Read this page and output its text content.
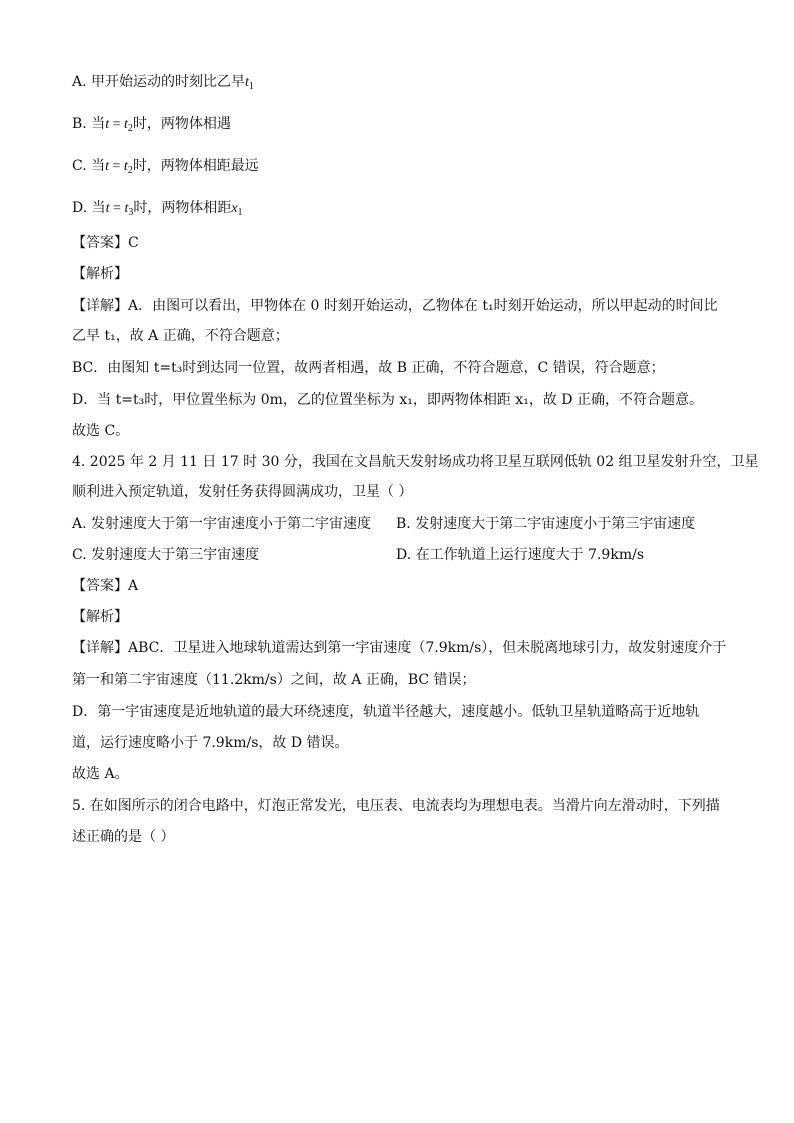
A. 甲开始运动的时刻比乙早$t_1$
B. 当$t = t_2$时，两物体相遇
C. 当$t = t_2$时，两物体相距最远
D. 当$t = t_3$时，两物体相距$x_1$
【答案】C
【解析】
【详解】A．由图可以看出，甲物体在 0 时刻开始运动，乙物体在 t₁时刻开始运动，所以甲起动的时间比
乙早 t₁，故 A 正确，不符合题意；
BC．由图知 t=t₃时到达同一位置，故两者相遇，故 B 正确，不符合题意，C 错误，符合题意；
D．当 t=t₃时，甲位置坐标为 0m，乙的位置坐标为 x₁，即两物体相距 x₁，故 D 正确，不符合题意。
故选 C。
4. 2025 年 2 月 11 日 17 时 30 分，我国在文昌航天发射场成功将卫星互联网低轨 02 组卫星发射升空，卫星
顺利进入预定轨道，发射任务获得圆满成功，卫星（ ）
A. 发射速度大于第一宇宙速度小于第二宇宙速度 B. 发射速度大于第二宇宙速度小于第三宇宙速度
C. 发射速度大于第三宇宙速度	D. 在工作轨道上运行速度大于 7.9km/s
【答案】A
【解析】
【详解】ABC．卫星进入地球轨道需达到第一宇宙速度（7.9km/s），但未脱离地球引力，故发射速度介于
第一和第二宇宙速度（11.2km/s）之间，故 A 正确，BC 错误；
D．第一宇宙速度是近地轨道的最大环绕速度，轨道半径越大，速度越小。低轨卫星轨道略高于近地轨
道，运行速度略小于 7.9km/s，故 D 错误。
故选 A。
5. 在如图所示的闭合电路中，灯泡正常发光，电压表、电流表均为理想电表。当滑片向左滑动时，下列描
述正确的是（ ）
